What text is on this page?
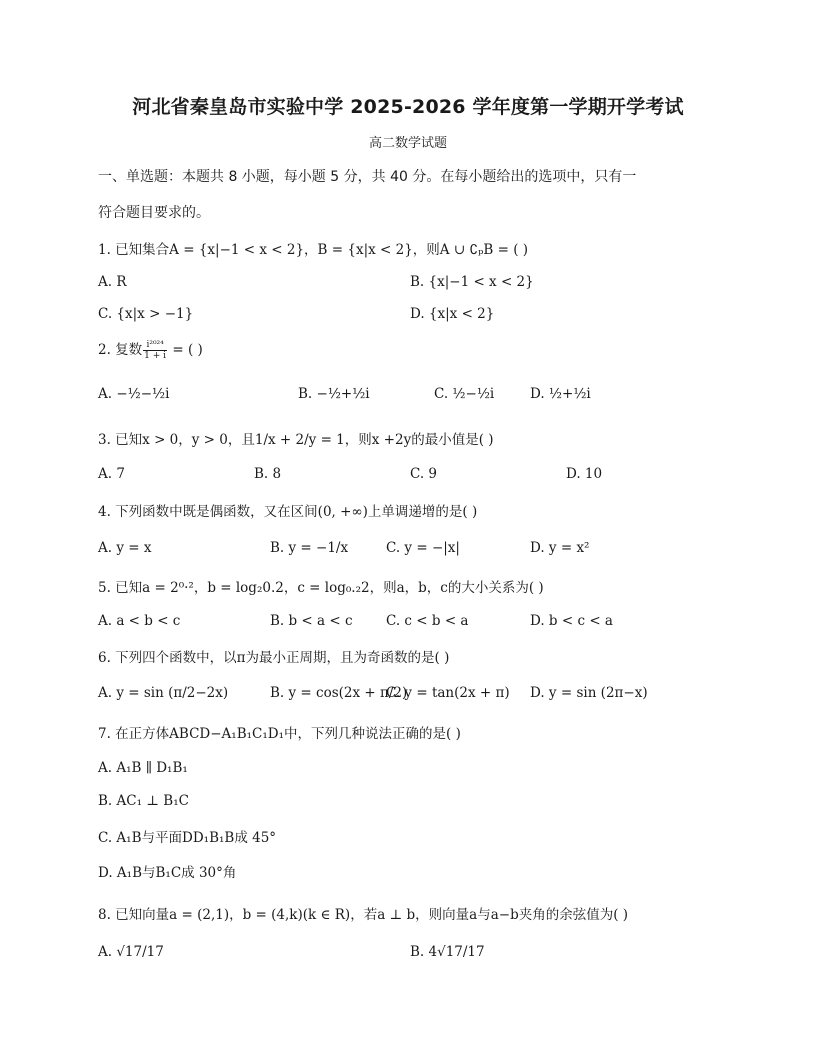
河北省秦皇岛市实验中学 2025-2026 学年度第一学期开学考试
高二数学试题
一、单选题：本题共 8 小题，每小题 5 分，共 40 分。在每小题给出的选项中，只有一
符合题目要求的。
1. 已知集合A = {x|−1 < x < 2}，B = {x|x < 2}，则A ∪ ∁ₚB = ( )
A. R	B. {x|−1 < x < 2}
C. {x|x > −1}	D. {x|x < 2}
2. 复数 $\frac{\text{i²⁰²⁴}}{1 + i}$ = ( )
A. −½−½i	B. −½+½i	C. ½−½i	D. ½+½i
3. 已知x > 0，y > 0，且1/x + 2/y = 1，则x +2y的最小值是( )
A. 7	B. 8	C. 9	D. 10
4. 下列函数中既是偶函数，又在区间(0, +∞)上单调递增的是( )
A. y = x	B. y = −1/x	C. y = −|x|	D. y = x²
5. 已知a = 2⁰·²，b = log₂0.2，c = log₀.₂2，则a，b，c的大小关系为( )
A. a < b < c	B. b < a < c C. c < b < a	D. b < c < a
6. 下列四个函数中，以π为最小正周期，且为奇函数的是( )
A. y = sin (π/2−2x)	B. y = cos(2x + π/2)
C. y = tan(2x + π) D. y = sin (2π−x)
7. 在正方体ABCD−A₁B₁C₁D₁中，下列几种说法正确的是( )
A. A₁B ∥ D₁B₁
B. AC₁ ⊥ B₁C
C. A₁B与平面DD₁B₁B成 45°
D. A₁B与B₁C成 30°角
8. 已知向量a = (2,1)，b = (4,k)(k ∈ R)，若a ⊥ b，则向量a与a−b夹角的余弦值为( )
A. √17/17	B. 4√17/17
